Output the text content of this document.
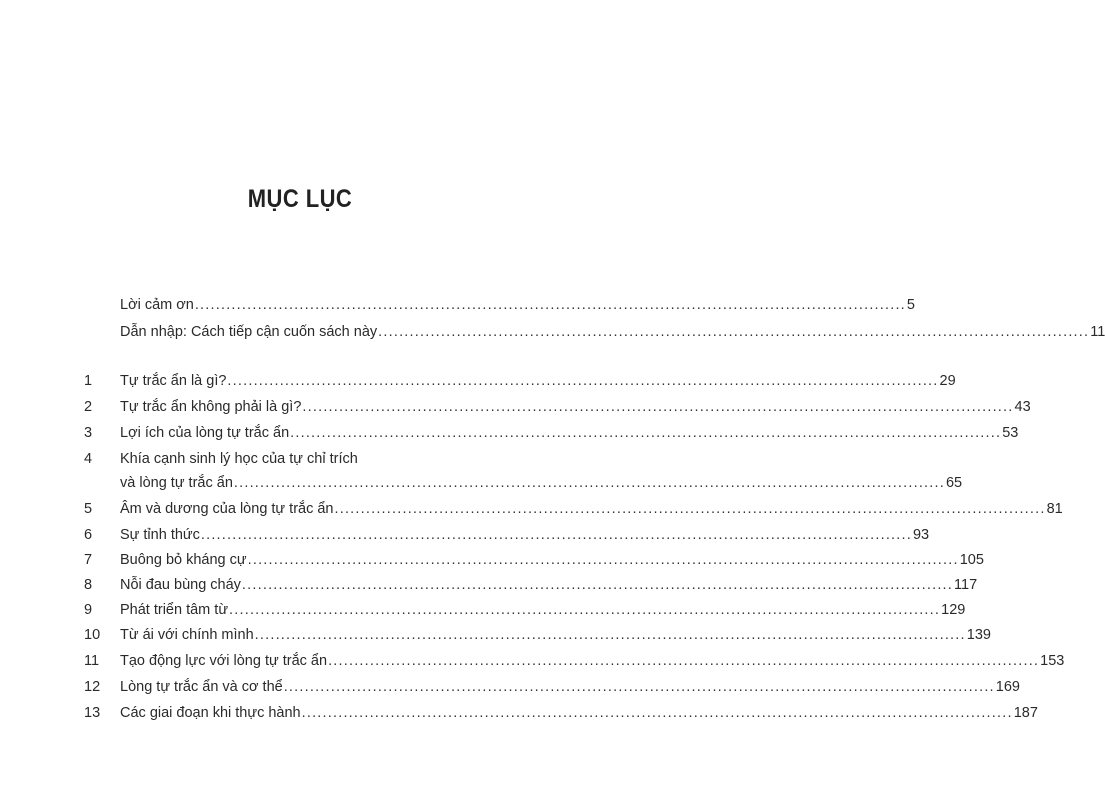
MỤC LỤC
Lời cảm ơn ........................................................................................................................................ 5
Dẫn nhập: Cách tiếp cận cuốn sách này ........................................................................................................................................ 11
1 Tự trắc ẩn là gì? ........................................................................................................................................ 29
2 Tự trắc ẩn không phải là gì? ........................................................................................................................................ 43
3 Lợi ích của lòng tự trắc ẩn ........................................................................................................................................ 53
4 Khía cạnh sinh lý học của tự chỉ trích
và lòng tự trắc ẩn ........................................................................................................................................ 65
5 Âm và dương của lòng tự trắc ẩn ........................................................................................................................................ 81
6 Sự tỉnh thức ........................................................................................................................................ 93
7 Buông bỏ kháng cự ........................................................................................................................................ 105
8 Nỗi đau bùng cháy ........................................................................................................................................ 117
9 Phát triển tâm từ ........................................................................................................................................ 129
10 Từ ái với chính mình ........................................................................................................................................ 139
11 Tạo động lực với lòng tự trắc ẩn ........................................................................................................................................ 153
12 Lòng tự trắc ẩn và cơ thể ........................................................................................................................................ 169
13 Các giai đoạn khi thực hành ........................................................................................................................................ 187
